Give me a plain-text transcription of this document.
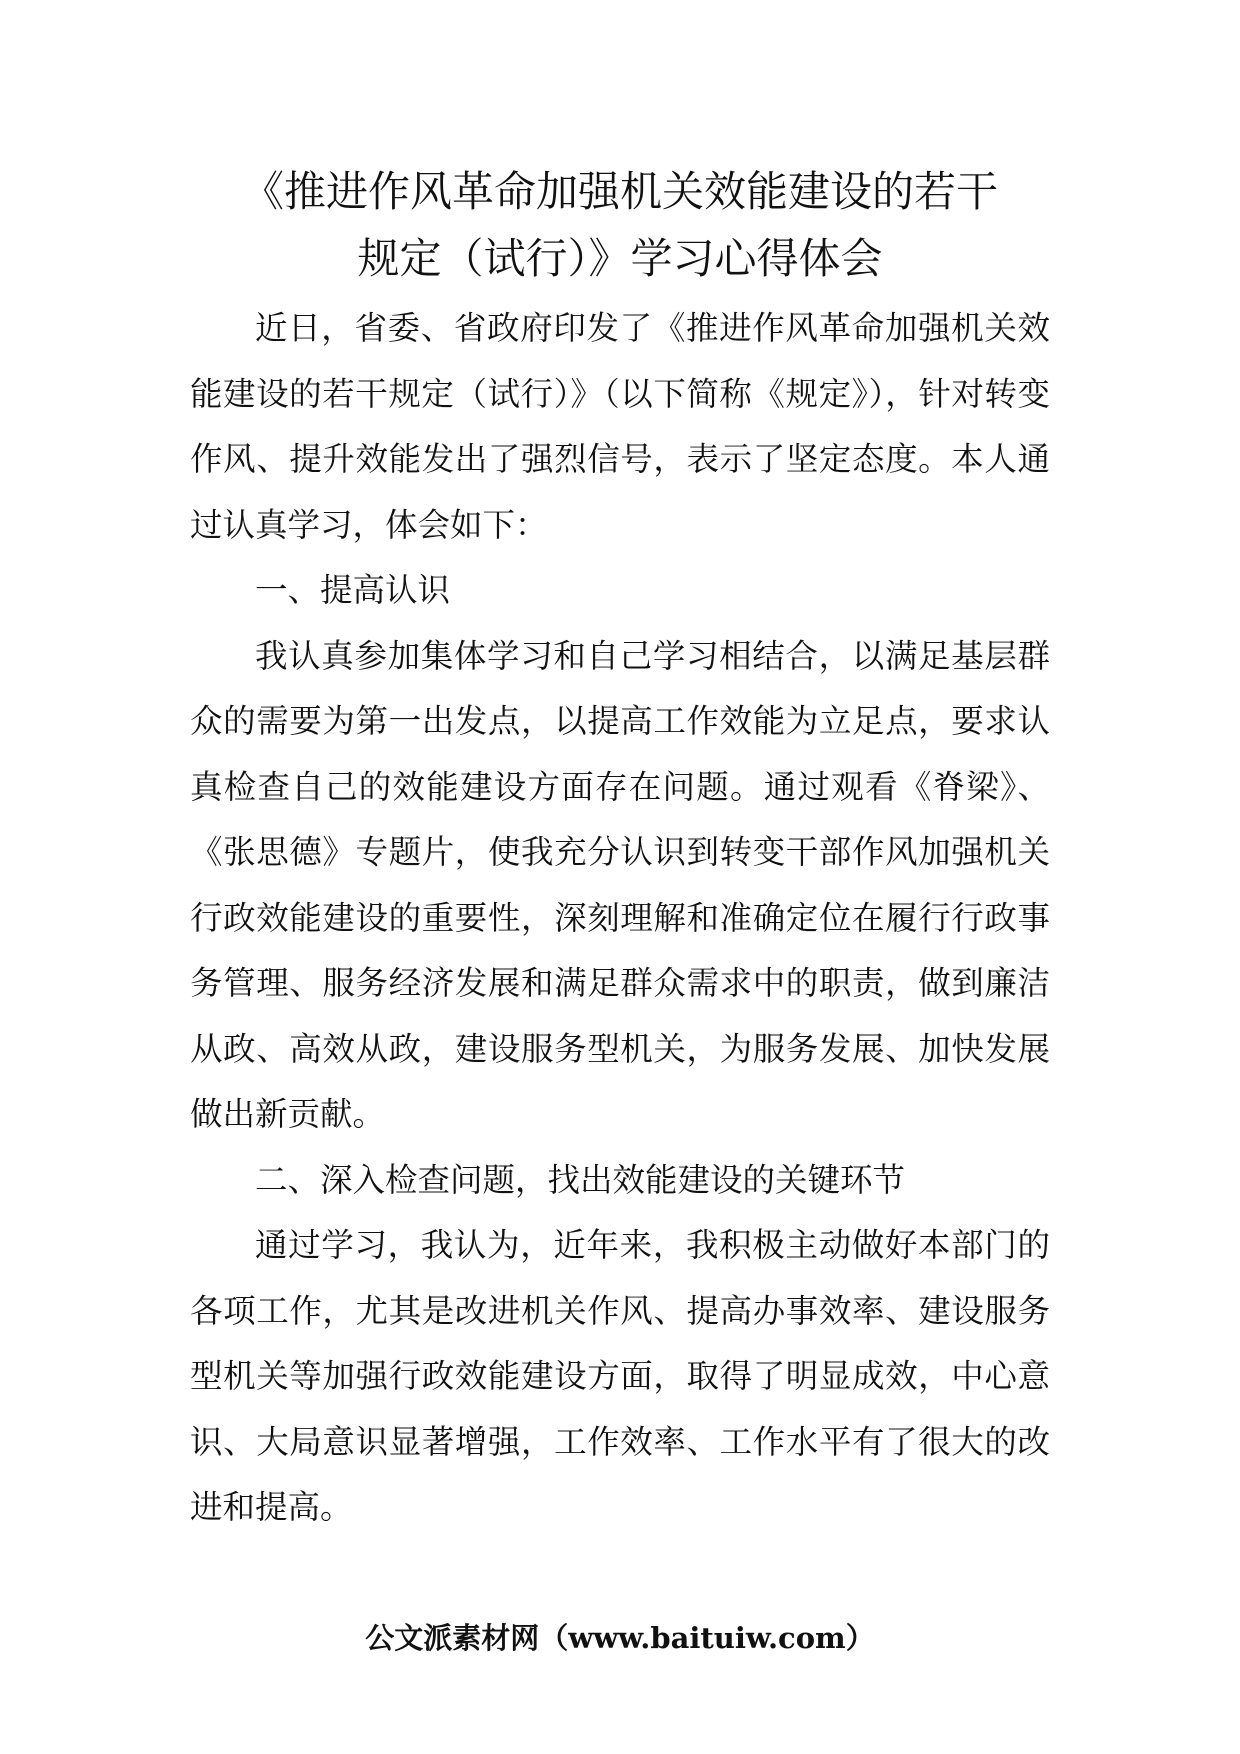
《推进作风革命加强机关效能建设的若干
规定（试行）》学习心得体会

近日，省委、省政府印发了《推进作风革命加强机关效能建设的若干规定（试行）》（以下简称《规定》），针对转变作风、提升效能发出了强烈信号，表示了坚定态度。本人通过认真学习，体会如下：

一、提高认识

我认真参加集体学习和自己学习相结合，以满足基层群众的需要为第一出发点，以提高工作效能为立足点，要求认真检查自己的效能建设方面存在问题。通过观看《脊梁》、《张思德》专题片，使我充分认识到转变干部作风加强机关行政效能建设的重要性，深刻理解和准确定位在履行行政事务管理、服务经济发展和满足群众需求中的职责，做到廉洁从政、高效从政，建设服务型机关，为服务发展、加快发展做出新贡献。

二、深入检查问题，找出效能建设的关键环节

通过学习，我认为，近年来，我积极主动做好本部门的各项工作，尤其是改进机关作风、提高办事效率、建设服务型机关等加强行政效能建设方面，取得了明显成效，中心意识、大局意识显著增强，工作效率、工作水平有了很大的改进和提高。

公文派素材网（www.baituiw.com）
